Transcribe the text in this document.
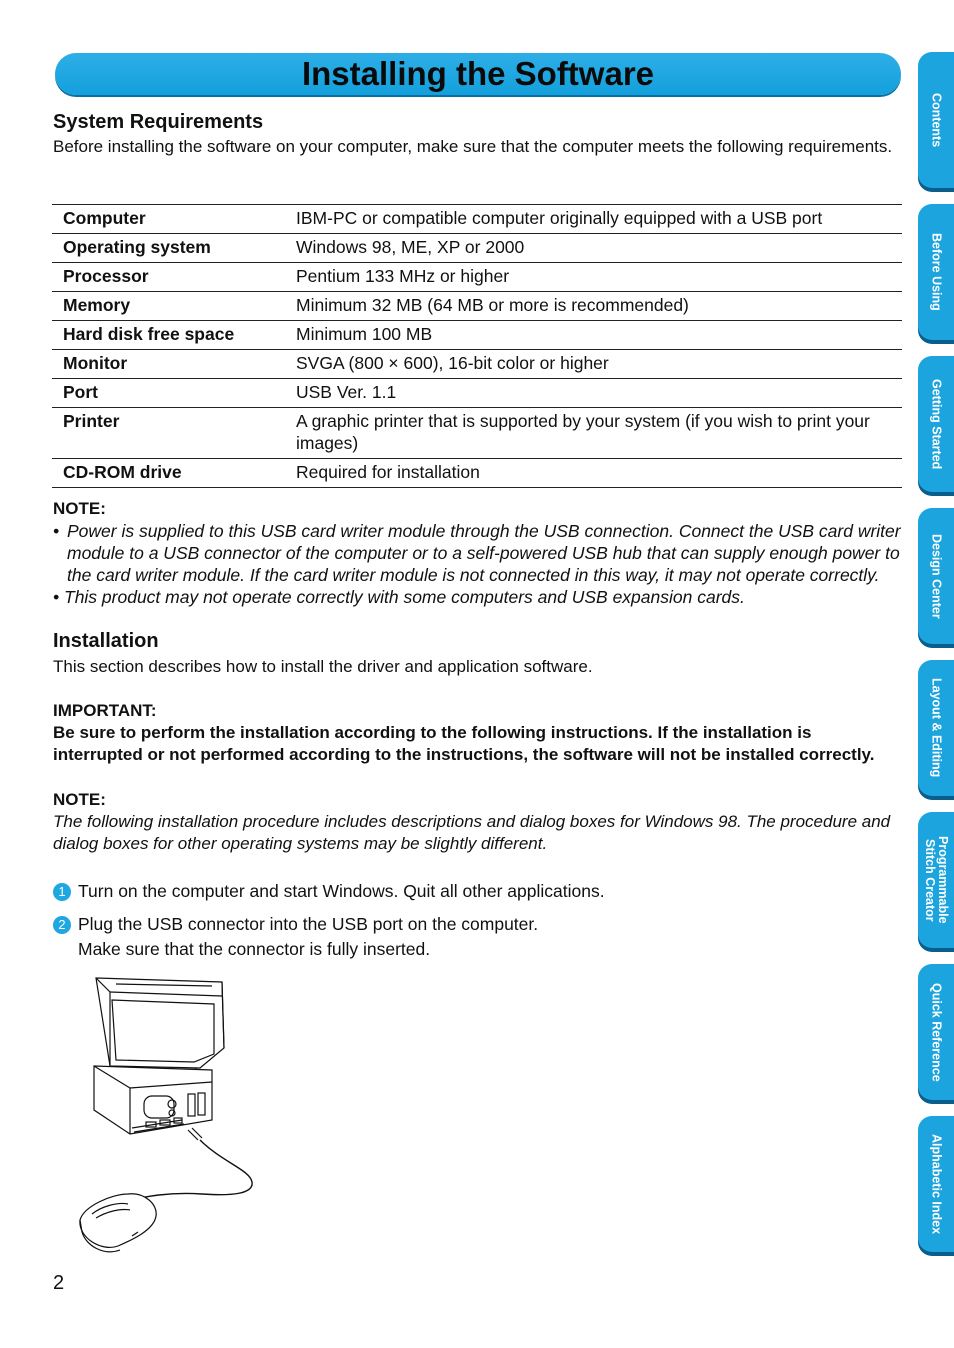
Installing the Software
System Requirements

Before installing the software on your computer, make sure that the computer meets the following requirements.

Computer	IBM-PC or compatible computer originally equipped with a USB port
Operating system	Windows 98, ME, XP or 2000
Processor	Pentium 133 MHz or higher
Memory	Minimum 32 MB (64 MB or more is recommended)
Hard disk free space	Minimum 100 MB
Monitor	SVGA (800 × 600), 16-bit color or higher
Port	USB Ver. 1.1
Printer	A graphic printer that is supported by your system (if you wish to print your images)
CD-ROM drive	Required for installation

NOTE:

• Power is supplied to this USB card writer module through the USB connection. Connect the USB card writer module to a USB connector of the computer or to a self-powered USB hub that can supply enough power to the card writer module. If the card writer module is not connected in this way, it may not operate correctly.
• This product may not operate correctly with some computers and USB expansion cards.
Installation

This section describes how to install the driver and application software.

IMPORTANT:

Be sure to perform the installation according to the following instructions. If the installation is interrupted or not performed according to the instructions, the software will not be installed correctly.

NOTE:

The following installation procedure includes descriptions and dialog boxes for Windows 98. The procedure and dialog boxes for other operating systems may be slightly different.

1 Turn on the computer and start Windows. Quit all other applications.
2 Plug the USB connector into the USB port on the computer.
Make sure that the connector is fully inserted.
2
Contents
Before Using
Getting Started
Design Center
Layout & Editing
Programmable
Stitch Creator
Quick Reference
Alphabetic Index
